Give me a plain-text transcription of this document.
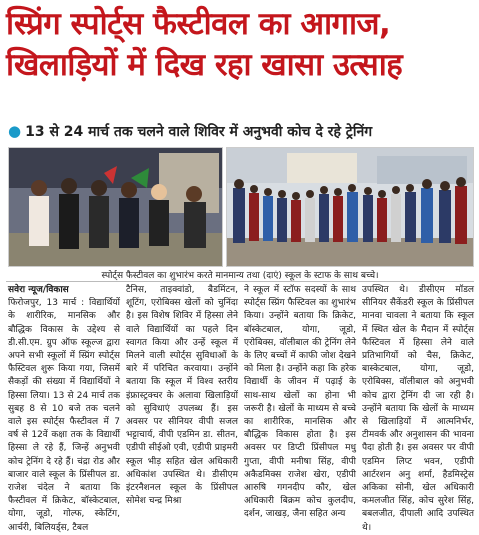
स्प्रिंग स्पोर्ट्स फैस्टीवल का आगाज,
खिलाड़ियों में दिख रहा खासा उत्साह
● 13 से 24 मार्च तक चलने वाले शिविर में अनुभवी कोच दे रहे ट्रेनिंग
स्पोर्ट्स फैस्टीवल का शुभारंभ करते मानमान्य तथा (दाएं) स्कूल के स्टाफ के साथ बच्चे।
सवेरा न्यूज/विकास
फिरोजपुर, 13 मार्च : विद्यार्थियों के शारीरिक, मानसिक और बौद्धिक विकास के उद्देश्य से डी.सी.एम. ग्रुप ऑफ स्कूल्ज द्वारा अपने सभी स्कूलों में स्प्रिंग स्पोर्ट्स फैस्टिवल शुरू किया गया, जिसमें सैकड़ों की संख्या में विद्यार्थियों ने हिस्सा लिया। 13 से 24 मार्च तक सुबह 8 से 10 बजे तक चलने वाले इस स्पोर्ट्स फैस्टीवल में 7 वर्ष से 12वें कक्षा तक के विद्यार्थी हिस्सा ले रहे हैं, जिन्हें अनुभवी कोच ट्रेनिंग दे रहे हैं। चंद्रा रोड और बाजार वाले स्कूल के प्रिंसीपल डा. राजेश चंदेल ने बताया कि फैस्टीवल में क्रिकेट, बॉस्केटबाल, योगा, जूडो, गोल्फ, स्केटिंग, आर्चरी, बिलियर्ड्स, टैबल
टैनिस, ताइक्वांडो, बैडमिंटन, शूटिंग, एरोबिक्स खेलों को चुनिंदा है। इस विशेष शिविर में हिस्सा लेने वाले विद्यार्थियों का पहले दिन स्वागत किया और उन्हें स्कूल में मिलने वाली स्पोर्ट्स सुविधाओं के बारे में परिचित करवाया। उन्होंने बताया कि स्कूल में विश्व स्तरीय इंफ्रास्ट्रक्चर के अलावा खिलाड़ियों को सुविधाएं उपलब्ध हैं। इस अवसर पर सीनियर वीपी सजल भट्टाचार्य, वीपी एडमिन डा. सीतन, एडीपी सीईओ एवी, एडीपी प्राइमरी स्कूल भीड़ सहित खेल अधिकारी अधिकांश उपस्थित थे। डीसीएम इंटरनैशनल स्कूल के प्रिंसीपल सोमेश चन्द्र मिश्रा
ने स्कूल में स्टॉफ सदस्यों के साथ स्पोर्ट्स स्प्रिंग फैस्टिवल का शुभारंभ किया। उन्होंने बताया कि क्रिकेट, बॉस्केटबाल, योगा, जूडो, एरोबिक्स, वॉलीबाल की ट्रेनिंग लेने के लिए बच्चों में काफी जोश देखने को मिला है। उन्होंने कहा कि हरेक विद्यार्थी के जीवन में पढ़ाई के साथ-साथ खेलों का होना भी जरूरी है। खेलों के माध्यम से बच्चे का शारीरिक, मानसिक और बौद्धिक विकास होता है। इस अवसर पर डिप्टी प्रिंसीपल मधु गुप्ता, वीपी मनीषा सिंह, वीपी अकैडमिक्स राजेश खेरा, एडीपी आरुषि गगनदीप कौर, खेल अधिकारी बिक्रम कोच कुलदीप, दर्शन, जाखड़, जैना सहित अन्य
उपस्थित थे। डीसीएम मॉडल सीनियर सैकेंडरी स्कूल के प्रिंसीपल मानवा चावला ने बताया कि स्कूल में स्थित खेल के मैदान में स्पोर्ट्स फैस्टिवल में हिस्सा लेने वाले प्रतिभागियों को चैस, क्रिकेट, बास्केटबाल, योगा, जूडो, एरोबिक्स, वॉलीबाल को अनुभवी कोच द्वारा ट्रेनिंग दी जा रही है। उन्होंने बताया कि खेलों के माध्यम से खिलाड़ियों में आत्मनिर्भर, टीमवर्क और अनुशासन की भावना पैदा होती है। इस अवसर पर वीपी एडमिन लिप्ट भवन, एडीपी आर्टरशन अनु शर्मा, हैडमिस्ट्रेस अकिका सोनी, खेल अधिकारी कमलजीत सिंह, कोच सुरेश सिंह, बबलजीत, दीपाली आदि उपस्थित थे।
